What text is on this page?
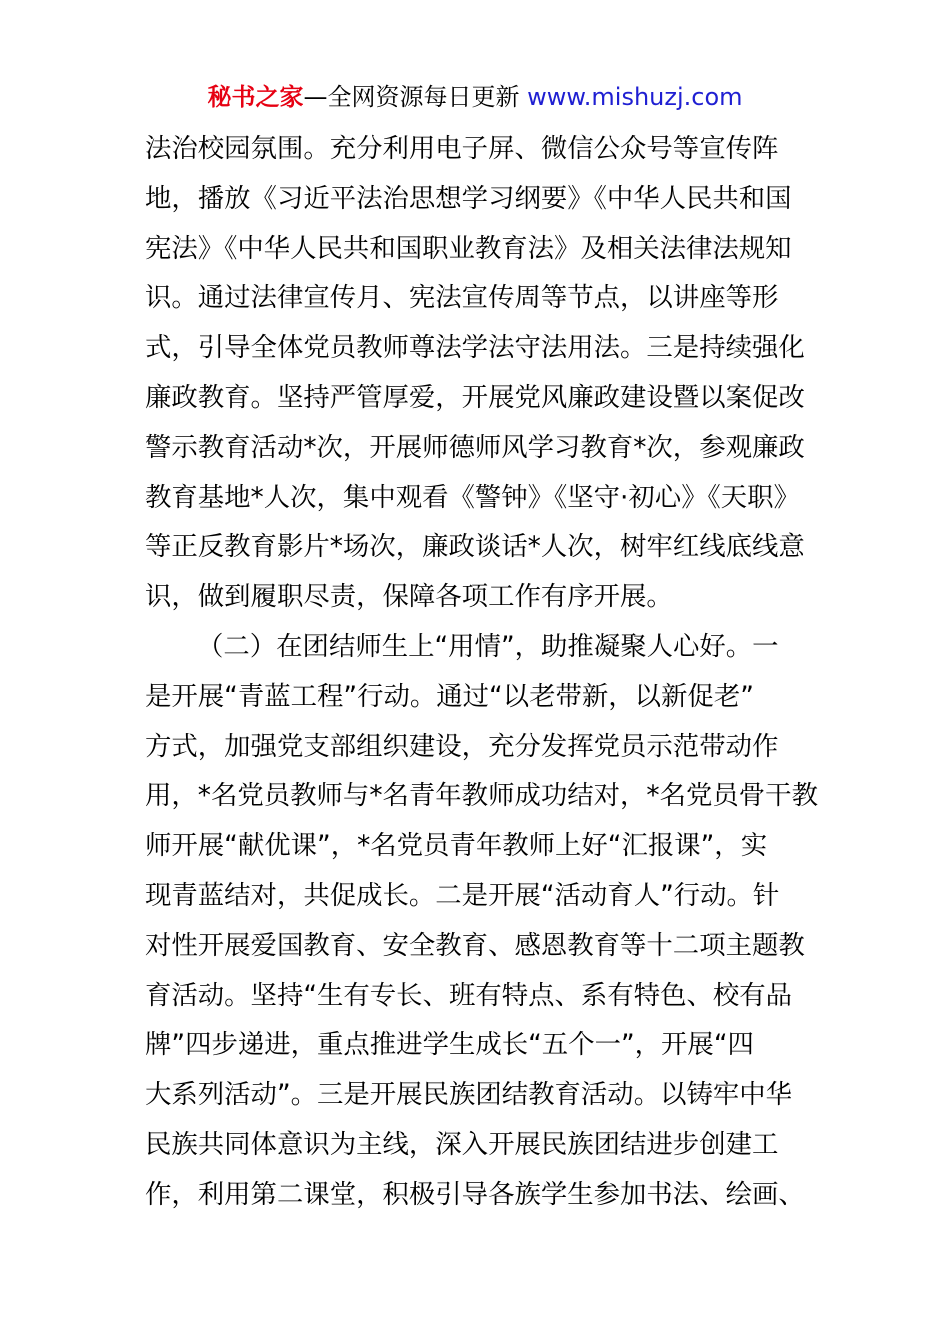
秘书之家—全网资源每日更新 www.mishuzj.com
法治校园氛围。充分利用电子屏、微信公众号等宣传阵
地，播放《习近平法治思想学习纲要》《中华人民共和国
宪法》《中华人民共和国职业教育法》及相关法律法规知
识。通过法律宣传月、宪法宣传周等节点，以讲座等形
式，引导全体党员教师尊法学法守法用法。三是持续强化
廉政教育。坚持严管厚爱，开展党风廉政建设暨以案促改
警示教育活动*次，开展师德师风学习教育*次，参观廉政
教育基地*人次，集中观看《警钟》《坚守·初心》《天职》
等正反教育影片*场次，廉政谈话*人次，树牢红线底线意
识，做到履职尽责，保障各项工作有序开展。
（二）在团结师生上“用情”，助推凝聚人心好。一
是开展“青蓝工程”行动。通过“以老带新，以新促老”
方式，加强党支部组织建设，充分发挥党员示范带动作
用，*名党员教师与*名青年教师成功结对，*名党员骨干教
师开展“献优课”，*名党员青年教师上好“汇报课”，实
现青蓝结对，共促成长。二是开展“活动育人”行动。针
对性开展爱国教育、安全教育、感恩教育等十二项主题教
育活动。坚持“生有专长、班有特点、系有特色、校有品
牌”四步递进，重点推进学生成长“五个一”，开展“四
大系列活动”。三是开展民族团结教育活动。以铸牢中华
民族共同体意识为主线，深入开展民族团结进步创建工
作，利用第二课堂，积极引导各族学生参加书法、绘画、
